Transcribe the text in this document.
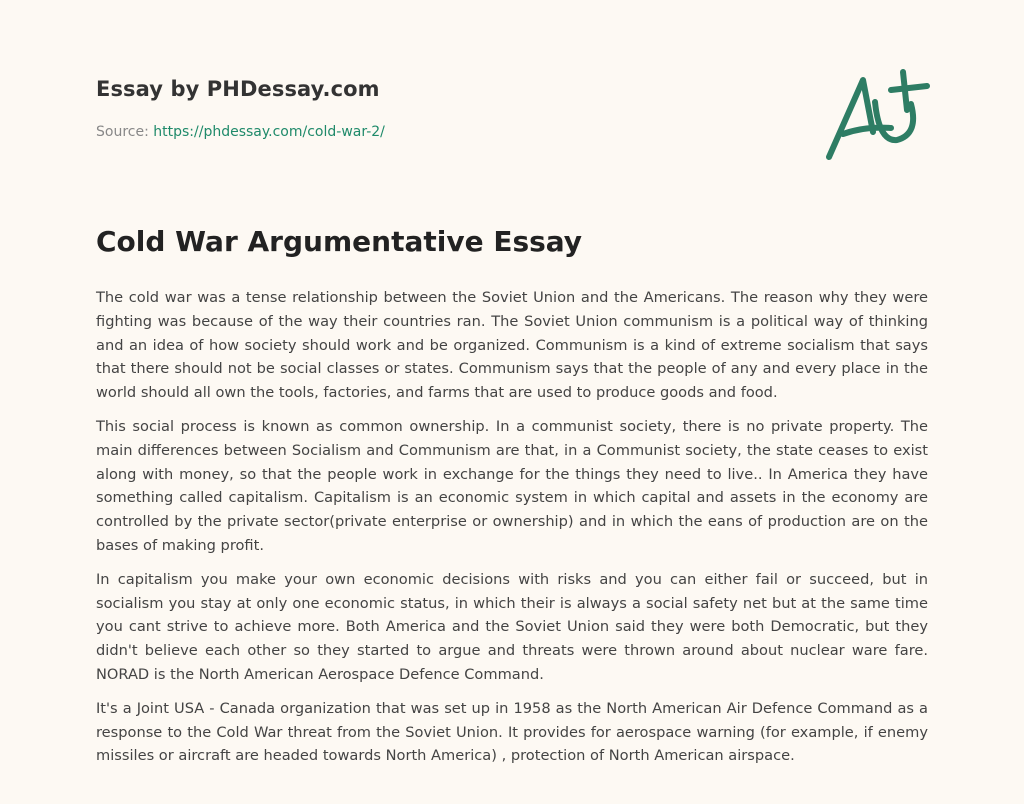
Essay by PHDessay.com
Source: https://phdessay.com/cold-war-2/
Cold War Argumentative Essay

The cold war was a tense relationship between the Soviet Union and the Americans. The reason why they were fighting was because of the way their countries ran. The Soviet Union communism is a political way of thinking and an idea of how society should work and be organized. Communism is a kind of extreme socialism that says that there should not be social classes or states. Communism says that the people of any and every place in the world should all own the tools, factories, and farms that are used to produce goods and food.

This social process is known as common ownership. In a communist society, there is no private property. The main differences between Socialism and Communism are that, in a Communist society, the state ceases to exist along with money, so that the people work in exchange for the things they need to live.. In America they have something called capitalism. Capitalism is an economic system in which capital and assets in the economy are controlled by the private sector(private enterprise or ownership) and in which the eans of production are on the bases of making profit.

In capitalism you make your own economic decisions with risks and you can either fail or succeed, but in socialism you stay at only one economic status, in which their is always a social safety net but at the same time you cant strive to achieve more. Both America and the Soviet Union said they were both Democratic, but they didn't believe each other so they started to argue and threats were thrown around about nuclear ware fare. NORAD is the North American Aerospace Defence Command.

It's a Joint USA - Canada organization that was set up in 1958 as the North American Air Defence Command as a response to the Cold War threat from the Soviet Union. It provides for aerospace warning (for example, if enemy missiles or aircraft are headed towards North America) , protection of North American airspace.
